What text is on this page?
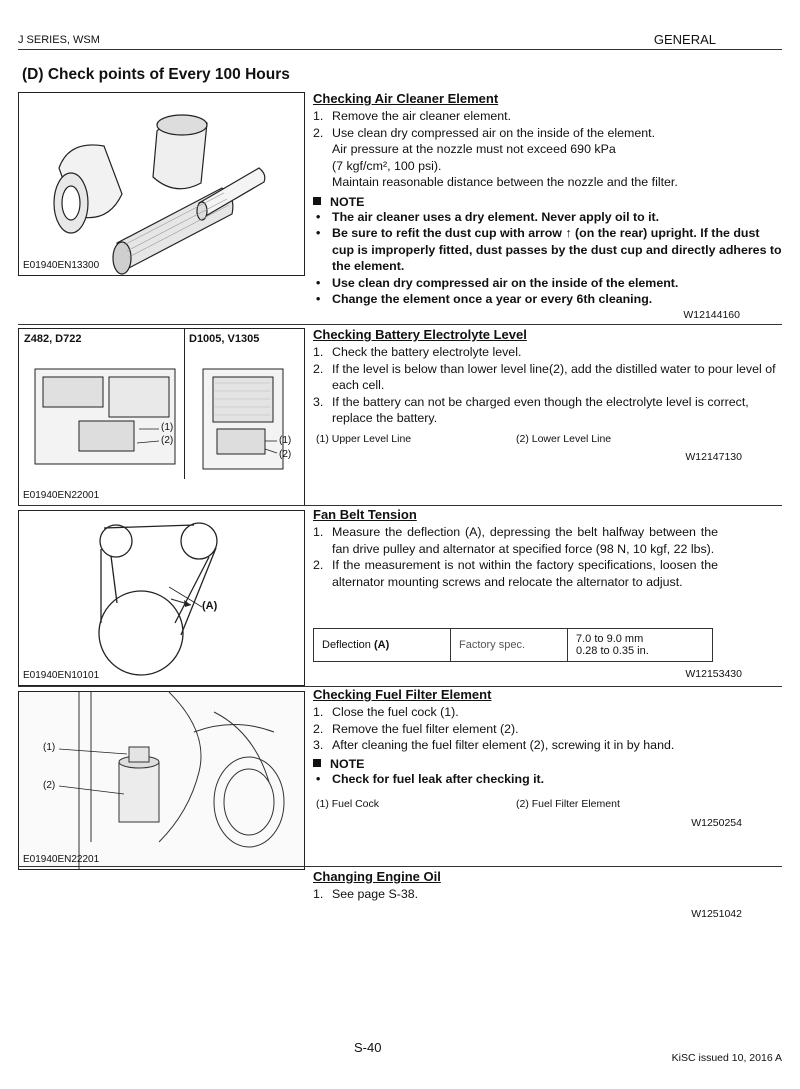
J SERIES, WSM	GENERAL
(D) Check points of Every 100 Hours
E01940EN13300
Checking Air Cleaner Element
1. Remove the air cleaner element.
2. Use clean dry compressed air on the inside of the element.
Air pressure at the nozzle must not exceed 690 kPa
(7 kgf/cm², 100 psi).
Maintain reasonable distance between the nozzle and the filter.
NOTE
• The air cleaner uses a dry element. Never apply oil to it.
• Be sure to refit the dust cup with arrow ↑ (on the rear) upright. If the dust cup is improperly fitted, dust passes by the dust cup and directly adheres to the element.
• Use clean dry compressed air on the inside of the element.
• Change the element once a year or every 6th cleaning.
W12144160
Z482, D722	D1005, V1305
(1)
(2)	(1)
(2)
E01940EN22001
Checking Battery Electrolyte Level
1. Check the battery electrolyte level.
2. If the level is below than lower level line(2), add the distilled water to pour level of each cell.
3. If the battery can not be charged even though the electrolyte level is correct, replace the battery.
(1) Upper Level Line	(2) Lower Level Line
W12147130
(A)
E01940EN10101
Fan Belt Tension
1. Measure the deflection (A), depressing the belt halfway between the fan drive pulley and alternator at specified force (98 N, 10 kgf, 22 lbs).
2. If the measurement is not within the factory specifications, loosen the alternator mounting screws and relocate the alternator to adjust.
Deflection (A)	Factory spec.	7.0 to 9.0 mm
0.28 to 0.35 in.
W12153430
(1)
(2)
E01940EN22201
Checking Fuel Filter Element
1. Close the fuel cock (1).
2. Remove the fuel filter element (2).
3. After cleaning the fuel filter element (2), screwing it in by hand.
NOTE
• Check for fuel leak after checking it.
(1) Fuel Cock	(2) Fuel Filter Element
W1250254
Changing Engine Oil
1. See page S-38.
W1251042
S-40
KiSC issued 10, 2016 A
